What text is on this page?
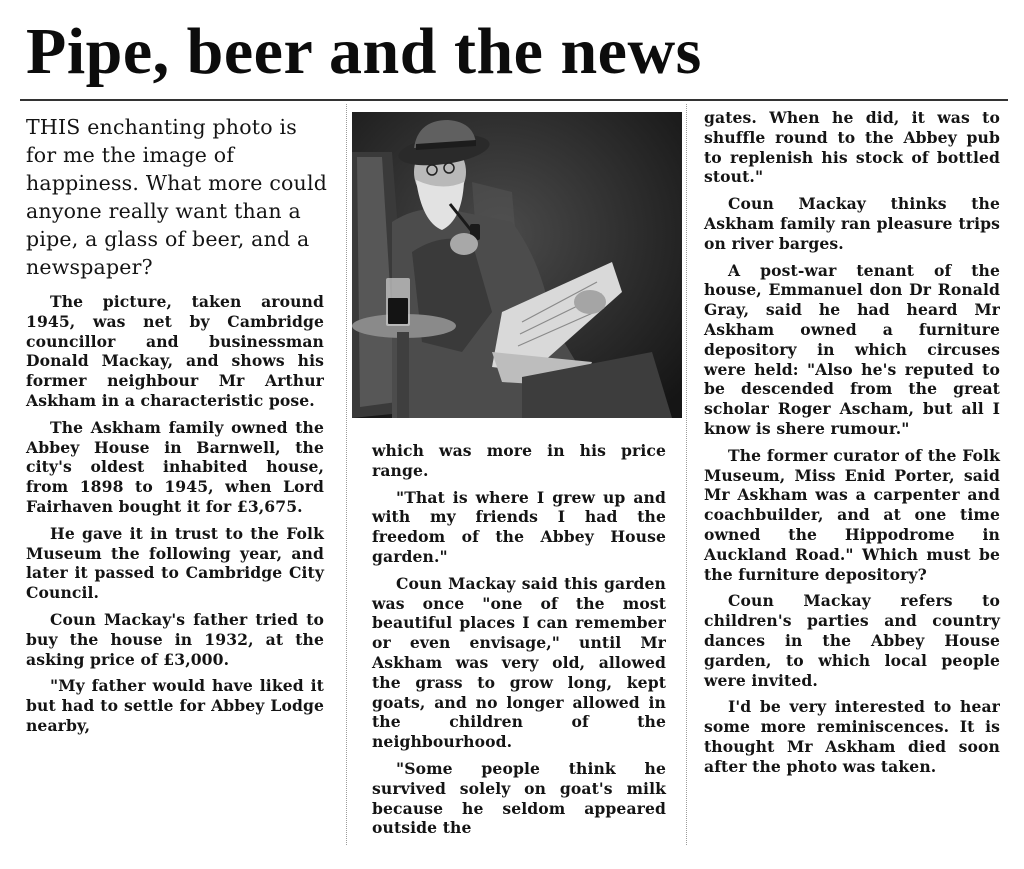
Pipe, beer and the news
THIS enchanting photo is for me the image of happiness. What more could anyone really want than a pipe, a glass of beer, and a newspaper?

The picture, taken around 1945, was net by Cambridge councillor and businessman Donald Mackay, and shows his former neighbour Mr Arthur Askham in a characteristic pose.

The Askham family owned the Abbey House in Barnwell, the city's oldest inhabited house, from 1898 to 1945, when Lord Fairhaven bought it for £3,675.

He gave it in trust to the Folk Museum the following year, and later it passed to Cambridge City Council.

Coun Mackay's father tried to buy the house in 1932, at the asking price of £3,000.

"My father would have liked it but had to settle for Abbey Lodge nearby,

which was more in his price range.

"That is where I grew up and with my friends I had the freedom of the Abbey House garden."

Coun Mackay said this garden was once "one of the most beautiful places I can remember or even envisage," until Mr Askham was very old, allowed the grass to grow long, kept goats, and no longer allowed in the children of the neighbourhood.

"Some people think he survived solely on goat's milk because he seldom appeared outside the

gates. When he did, it was to shuffle round to the Abbey pub to replenish his stock of bottled stout."

Coun Mackay thinks the Askham family ran pleasure trips on river barges.

A post-war tenant of the house, Emmanuel don Dr Ronald Gray, said he had heard Mr Askham owned a furniture depository in which circuses were held: "Also he's reputed to be descended from the great scholar Roger Ascham, but all I know is shere rumour."

The former curator of the Folk Museum, Miss Enid Porter, said Mr Askham was a carpenter and coachbuilder, and at one time owned the Hippodrome in Auckland Road." Which must be the furniture depository?

Coun Mackay refers to children's parties and country dances in the Abbey House garden, to which local people were invited.

I'd be very interested to hear some more reminiscences. It is thought Mr Askham died soon after the photo was taken.
